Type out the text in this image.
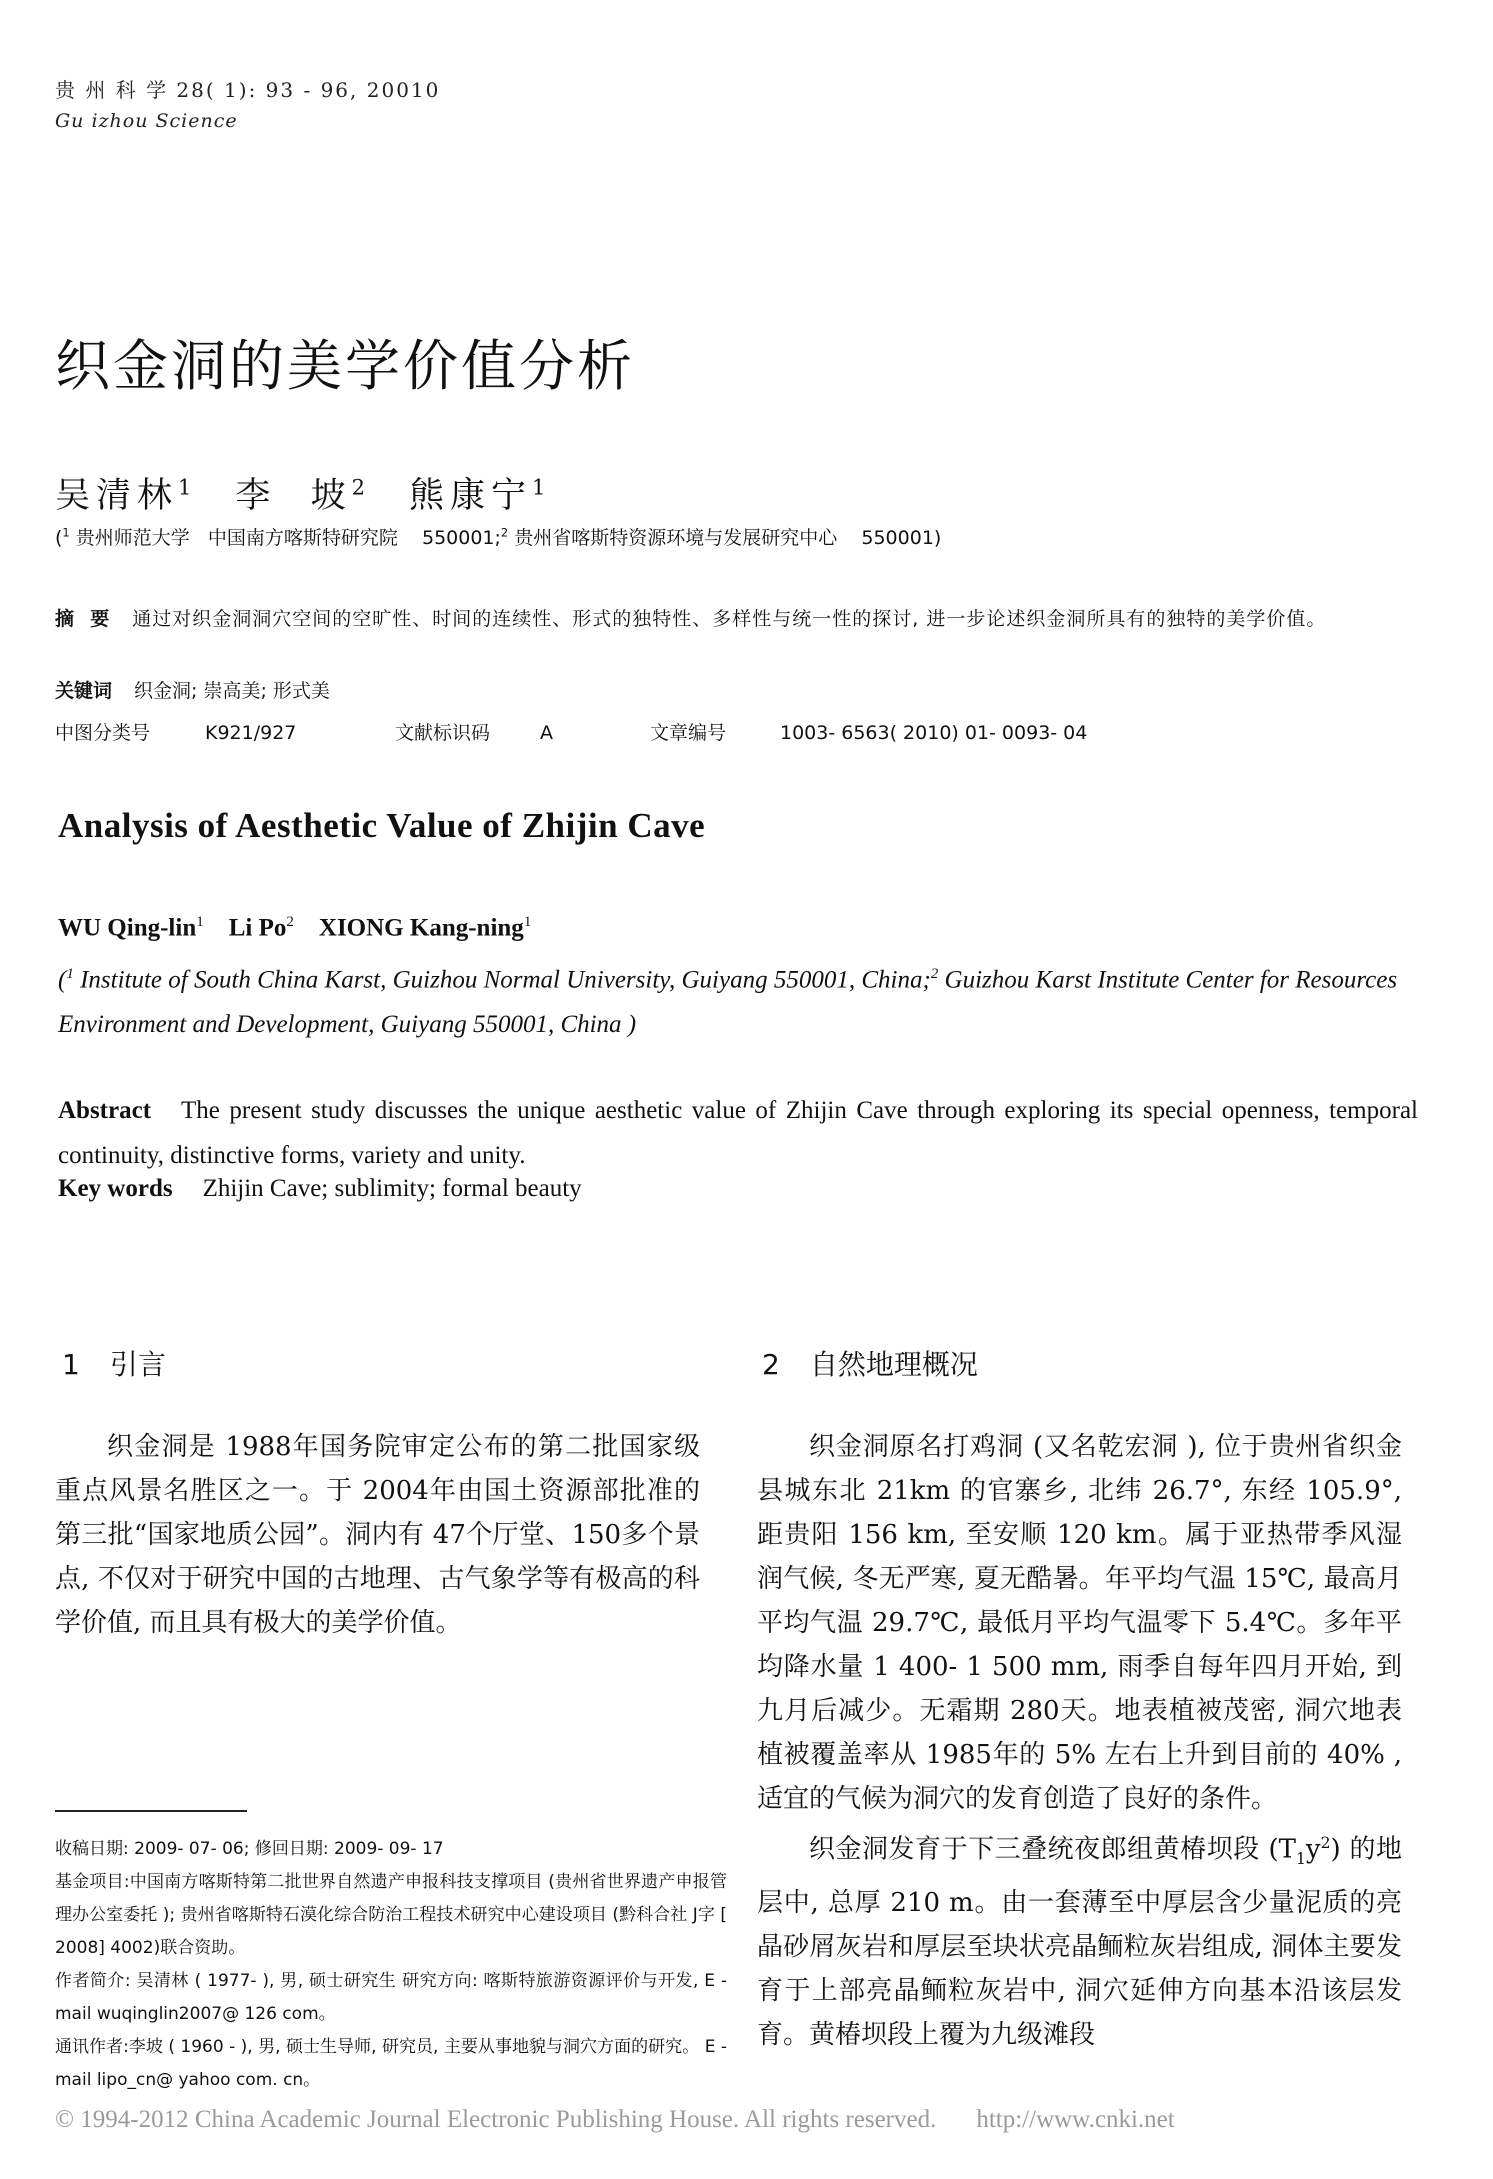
贵 州 科 学 28( 1): 93 - 96, 20010
Gu izhou Science
织金洞的美学价值分析
吴清林$^1$ 李  坡$^2$ 熊康宁$^1$
($^1$ 贵州师范大学   中国南方喀斯特研究院    550001;$^2$ 贵州省喀斯特资源环境与发展研究中心    550001)
摘  要 通过对织金洞洞穴空间的空旷性、时间的连续性、形式的独特性、多样性与统一性的探讨, 进一步论述织金洞所具有的独特的美学价值。
关键词 织金洞; 崇高美; 形式美
中图分类号	K921/927	文献标识码	A	文章编号	1003- 6563( 2010) 01- 0093- 04
Analysis of Aesthetic Value of Zhijin Cave
WU Qing-lin$^1$ Li Po$^2$ XIONG Kang-ning$^1$
($^1$ Institute of South China Karst, Guizhou Normal University, Guiyang 550001, China;$^2$ Guizhou Karst Institute Center for Resources Environment and Development, Guiyang 550001, China )
Abstract The present study discusses the unique aesthetic value of Zhijin Cave through exploring its special openness, temporal continuity, distinctive forms, variety and unity.
Key words Zhijin Cave; sublimity; formal beauty
1 引言	2 自然地理概况

织金洞是 1988年国务院审定公布的第二批国家级重点风景名胜区之一。于 2004年由国土资源部批准的第三批“国家地质公园”。洞内有 47个厅堂、150多个景点, 不仅对于研究中国的古地理、古气象学等有极高的科学价值, 而且具有极大的美学价值。

织金洞原名打鸡洞 (又名乾宏洞 ), 位于贵州省织金县城东北 21km 的官寨乡, 北纬 26.7°, 东经 105.9°, 距贵阳 156 km, 至安顺 120 km。属于亚热带季风湿润气候, 冬无严寒, 夏无酷暑。年平均气温 15℃, 最高月平均气温 29.7℃, 最低月平均气温零下 5.4℃。多年平均降水量 1 400- 1 500 mm, 雨季自每年四月开始, 到九月后减少。无霜期 280天。地表植被茂密, 洞穴地表植被覆盖率从 1985年的 5% 左右上升到目前的 40% , 适宜的气候为洞穴的发育创造了良好的条件。

织金洞发育于下三叠统夜郎组黄椿坝段 $(T_1y^2)$ 的地层中, 总厚 210 m。由一套薄至中厚层含少量泥质的亮晶砂屑灰岩和厚层至块状亮晶鲕粒灰岩组成, 洞体主要发育于上部亮晶鲕粒灰岩中, 洞穴延伸方向基本沿该层发育。黄椿坝段上覆为九级滩段

收稿日期: 2009- 07- 06; 修回日期: 2009- 09- 17
基金项目:中国南方喀斯特第二批世界自然遗产申报科技支撑项目 (贵州省世界遗产申报管理办公室委托 ); 贵州省喀斯特石漠化综合防治工程技术研究中心建设项目 (黔科合社 J字 [ 2008] 4002)联合资助。
作者简介: 吴清林 ( 1977- ), 男, 硕士研究生 研究方向: 喀斯特旅游资源评价与开发, E - mail wuqinglin2007@ 126 com。
通讯作者:李坡 ( 1960 - ), 男, 硕士生导师, 研究员, 主要从事地貌与洞穴方面的研究。 E - mail lipo_cn@ yahoo com. cn。
© 1994-2012 China Academic Journal Electronic Publishing House. All rights reserved. http://www.cnki.net
